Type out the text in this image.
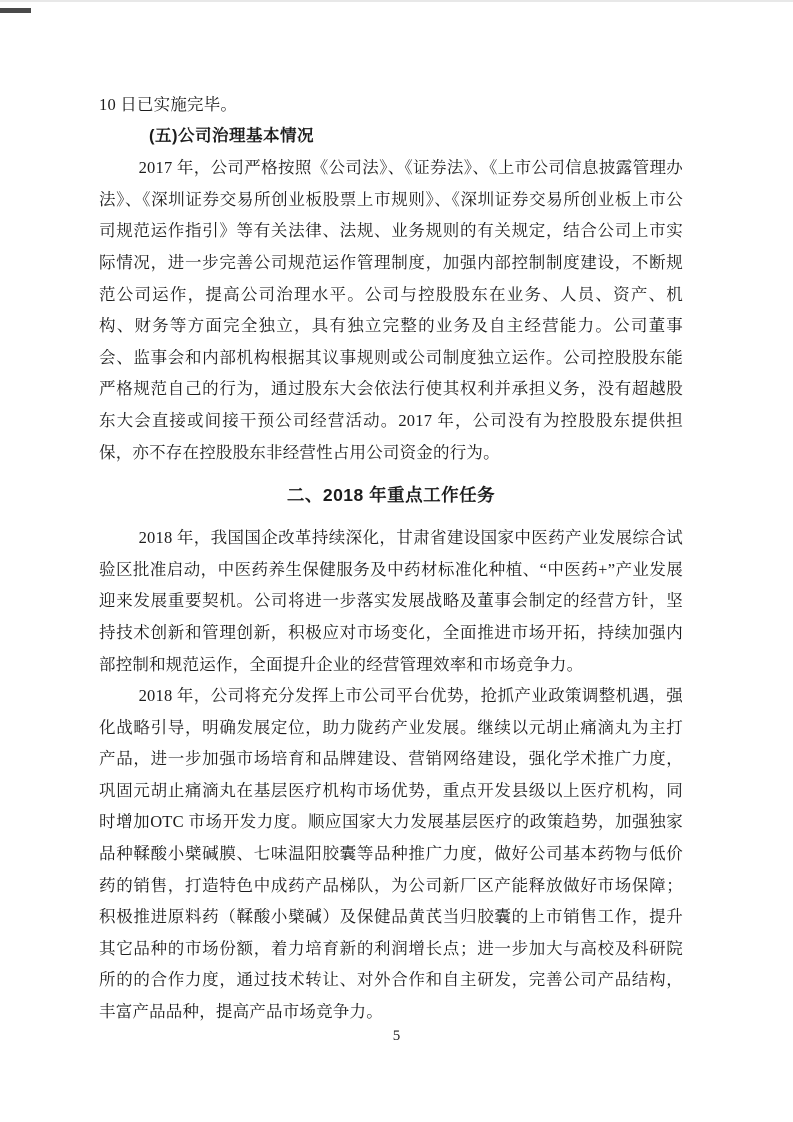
10 日已实施完毕。

(五)公司治理基本情况

2017 年，公司严格按照《公司法》、《证券法》、《上市公司信息披露管理办法》、《深圳证券交易所创业板股票上市规则》、《深圳证券交易所创业板上市公司规范运作指引》等有关法律、法规、业务规则的有关规定，结合公司上市实际情况，进一步完善公司规范运作管理制度，加强内部控制制度建设，不断规范公司运作，提高公司治理水平。公司与控股股东在业务、人员、资产、机构、财务等方面完全独立，具有独立完整的业务及自主经营能力。公司董事会、监事会和内部机构根据其议事规则或公司制度独立运作。公司控股股东能严格规范自己的行为，通过股东大会依法行使其权利并承担义务，没有超越股东大会直接或间接干预公司经营活动。2017 年，公司没有为控股股东提供担保，亦不存在控股股东非经营性占用公司资金的行为。

二、2018 年重点工作任务

2018 年，我国国企改革持续深化，甘肃省建设国家中医药产业发展综合试验区批准启动，中医药养生保健服务及中药材标准化种植、“中医药+”产业发展迎来发展重要契机。公司将进一步落实发展战略及董事会制定的经营方针，坚持技术创新和管理创新，积极应对市场变化，全面推进市场开拓，持续加强内部控制和规范运作，全面提升企业的经营管理效率和市场竞争力。

2018 年，公司将充分发挥上市公司平台优势，抢抓产业政策调整机遇，强化战略引导，明确发展定位，助力陇药产业发展。继续以元胡止痛滴丸为主打产品，进一步加强市场培育和品牌建设、营销网络建设，强化学术推广力度，巩固元胡止痛滴丸在基层医疗机构市场优势，重点开发县级以上医疗机构，同时增加OTC 市场开发力度。顺应国家大力发展基层医疗的政策趋势，加强独家品种鞣酸小檗碱膜、七味温阳胶囊等品种推广力度，做好公司基本药物与低价药的销售，打造特色中成药产品梯队，为公司新厂区产能释放做好市场保障；积极推进原料药（鞣酸小檗碱）及保健品黄芪当归胶囊的上市销售工作，提升其它品种的市场份额，着力培育新的利润增长点；进一步加大与高校及科研院所的的合作力度，通过技术转让、对外合作和自主研发，完善公司产品结构，丰富产品品种，提高产品市场竞争力。

5
